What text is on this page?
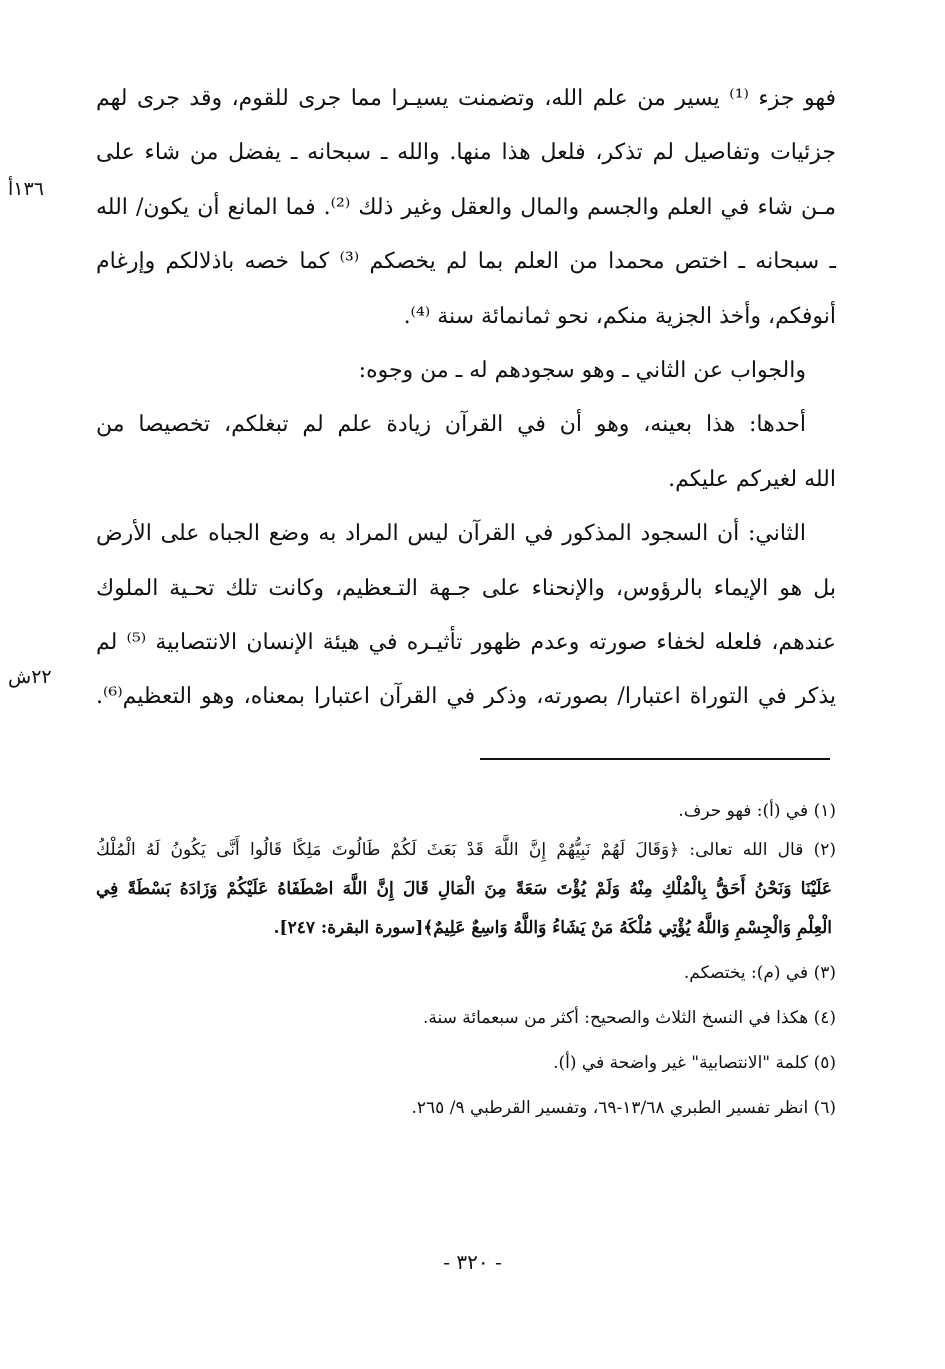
١٣٦أ
٢٢ش
فهو جزء ⁽¹⁾ يسير من علم الله، وتضمنت يسيـرا مما جرى للقوم، وقد جرى لهم
جزئيات وتفاصيل لم تذكر، فلعل هذا منها. والله ـ سبحانه ـ يفضل من شاء على
مـن شاء في العلم والجسم والمال والعقل وغير ذلك ⁽²⁾. فما المانع أن يكون/ الله
ـ سبحانه ـ اختص محمدا من العلم بما لم يخصكم ⁽³⁾ كما خصه باذلالكم وإرغام
أنوفكم، وأخذ الجزية منكم، نحو ثمانمائة سنة ⁽⁴⁾.
والجواب عن الثاني ـ وهو سجودهم له ـ من وجوه:
أحدها: هذا بعينه، وهو أن في القرآن زيادة علم لم تبغلكم، تخصيصا من
الله لغيركم عليكم.
الثاني: أن السجود المذكور في القرآن ليس المراد به وضع الجباه على الأرض
بل هو الإيماء بالرؤوس، والإنحناء على جـهة التـعظيم، وكانت تلك تحـية الملوك
عندهم، فلعله لخفاء صورته وعدم ظهور تأثيـره في هيئة الإنسان الانتصابية ⁽⁵⁾ لم
يذكر في التوراة اعتبارا/ بصورته، وذكر في القرآن اعتبارا بمعناه، وهو التعظيم⁽⁶⁾.
(١) في (أ): فهو حرف.
(٢) قال الله تعالى: ﴿وَقَالَ لَهُمْ نَبِيُّهُمْ إِنَّ اللَّهَ قَدْ بَعَثَ لَكُمْ طَالُوتَ مَلِكًا قَالُوا أَنَّى يَكُونُ لَهُ الْمُلْكُ
عَلَيْنَا وَنَحْنُ أَحَقُّ بِالْمُلْكِ مِنْهُ وَلَمْ يُؤْتَ سَعَةً مِنَ الْمَالِ قَالَ إِنَّ اللَّهَ اصْطَفَاهُ عَلَيْكُمْ وَزَادَهُ بَسْطَةً فِي
الْعِلْمِ وَالْجِسْمِ وَاللَّهُ يُؤْتِي مُلْكَهُ مَنْ يَشَاءُ وَاللَّهُ وَاسِعٌ عَلِيمٌ﴾[سورة البقرة: ٢٤٧].
(٣) في (م): يختصكم.
(٤) هكذا في النسخ الثلاث والصحيح: أكثر من سبعمائة سنة.
(٥) كلمة "الانتصابية" غير واضحة في (أ).
(٦) انظر تفسير الطبري ١٣/٦٨-٦٩، وتفسير القرطبي ٩/ ٢٦٥.
- ٣٢٠ -
